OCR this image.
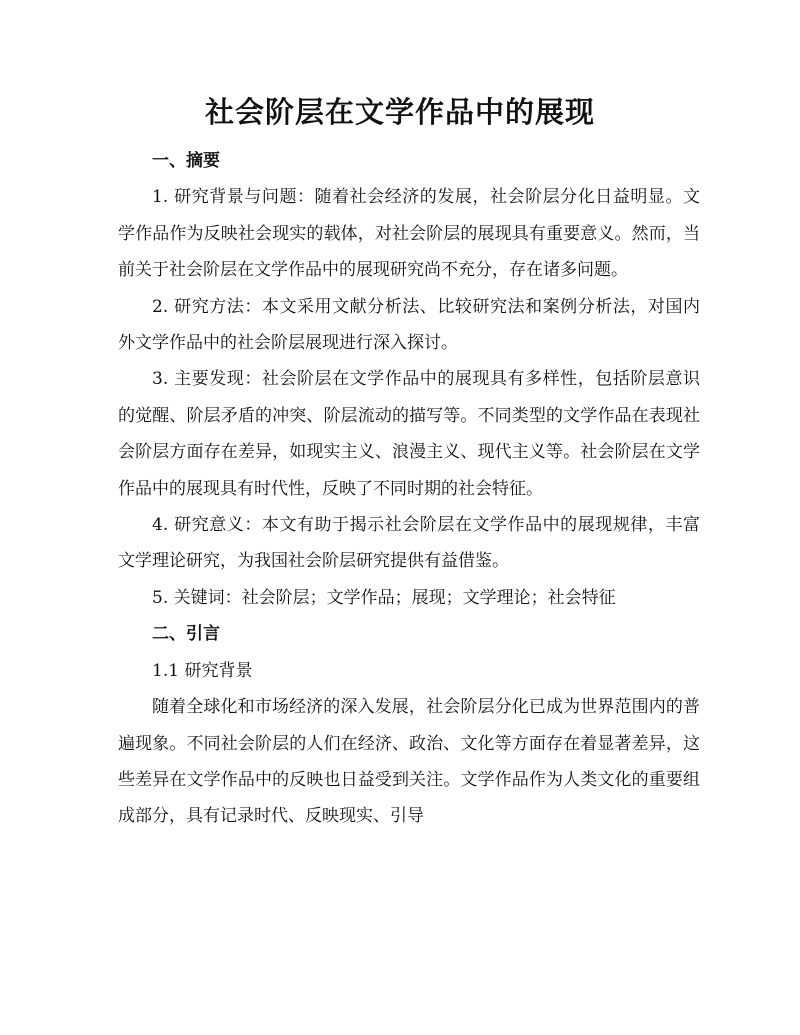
社会阶层在文学作品中的展现
一、摘要

1. 研究背景与问题：随着社会经济的发展，社会阶层分化日益明显。文学作品作为反映社会现实的载体，对社会阶层的展现具有重要意义。然而，当前关于社会阶层在文学作品中的展现研究尚不充分，存在诸多问题。

2. 研究方法：本文采用文献分析法、比较研究法和案例分析法，对国内外文学作品中的社会阶层展现进行深入探讨。

3. 主要发现：社会阶层在文学作品中的展现具有多样性，包括阶层意识的觉醒、阶层矛盾的冲突、阶层流动的描写等。不同类型的文学作品在表现社会阶层方面存在差异，如现实主义、浪漫主义、现代主义等。社会阶层在文学作品中的展现具有时代性，反映了不同时期的社会特征。

4. 研究意义：本文有助于揭示社会阶层在文学作品中的展现规律，丰富文学理论研究，为我国社会阶层研究提供有益借鉴。

5. 关键词：社会阶层；文学作品；展现；文学理论；社会特征

二、引言

1.1 研究背景

随着全球化和市场经济的深入发展，社会阶层分化已成为世界范围内的普遍现象。不同社会阶层的人们在经济、政治、文化等方面存在着显著差异，这些差异在文学作品中的反映也日益受到关注。文学作品作为人类文化的重要组成部分，具有记录时代、反映现实、引导
